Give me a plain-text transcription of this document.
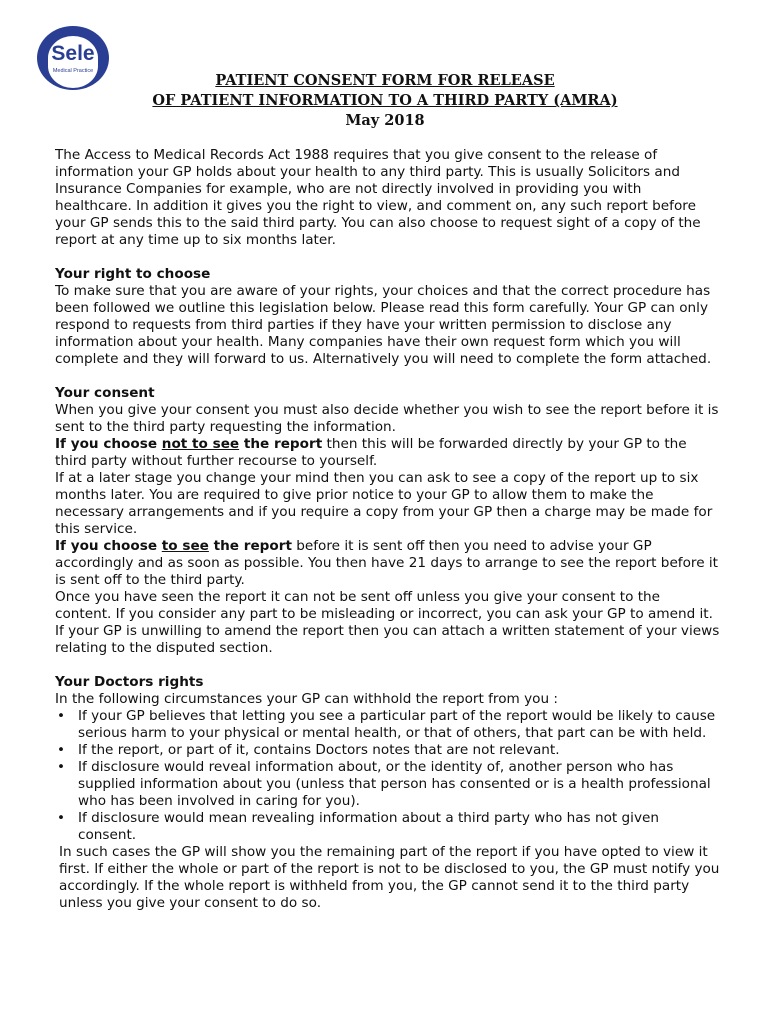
Sele
Medical Practice
PATIENT CONSENT FORM FOR RELEASE
OF PATIENT INFORMATION TO A THIRD PARTY (AMRA)
May 2018

The Access to Medical Records Act 1988 requires that you give consent to the release of information your GP holds about your health to any third party. This is usually Solicitors and Insurance Companies for example, who are not directly involved in providing you with healthcare. In addition it gives you the right to view, and comment on, any such report before your GP sends this to the said third party. You can also choose to request sight of a copy of the report at any time up to six months later.

Your right to choose

To make sure that you are aware of your rights, your choices and that the correct procedure has been followed we outline this legislation below. Please read this form carefully. Your GP can only respond to requests from third parties if they have your written permission to disclose any information about your health. Many companies have their own request form which you will complete and they will forward to us. Alternatively you will need to complete the form attached.

Your consent

When you give your consent you must also decide whether you wish to see the report before it is sent to the third party requesting the information.

If you choose not to see the report then this will be forwarded directly by your GP to the third party without further recourse to yourself.

If at a later stage you change your mind then you can ask to see a copy of the report up to six months later. You are required to give prior notice to your GP to allow them to make the necessary arrangements and if you require a copy from your GP then a charge may be made for this service.

If you choose to see the report before it is sent off then you need to advise your GP accordingly and as soon as possible. You then have 21 days to arrange to see the report before it is sent off to the third party.

Once you have seen the report it can not be sent off unless you give your consent to the content. If you consider any part to be misleading or incorrect, you can ask your GP to amend it. If your GP is unwilling to amend the report then you can attach a written statement of your views relating to the disputed section.

Your Doctors rights

In the following circumstances your GP can withhold the report from you :

• If your GP believes that letting you see a particular part of the report would be likely to cause serious harm to your physical or mental health, or that of others, that part can be with held.
• If the report, or part of it, contains Doctors notes that are not relevant.
• If disclosure would reveal information about, or the identity of, another person who has supplied information about you (unless that person has consented or is a health professional who has been involved in caring for you).
• If disclosure would mean revealing information about a third party who has not given consent.

In such cases the GP will show you the remaining part of the report if you have opted to view it first. If either the whole or part of the report is not to be disclosed to you, the GP must notify you accordingly. If the whole report is withheld from you, the GP cannot send it to the third party unless you give your consent to do so.
